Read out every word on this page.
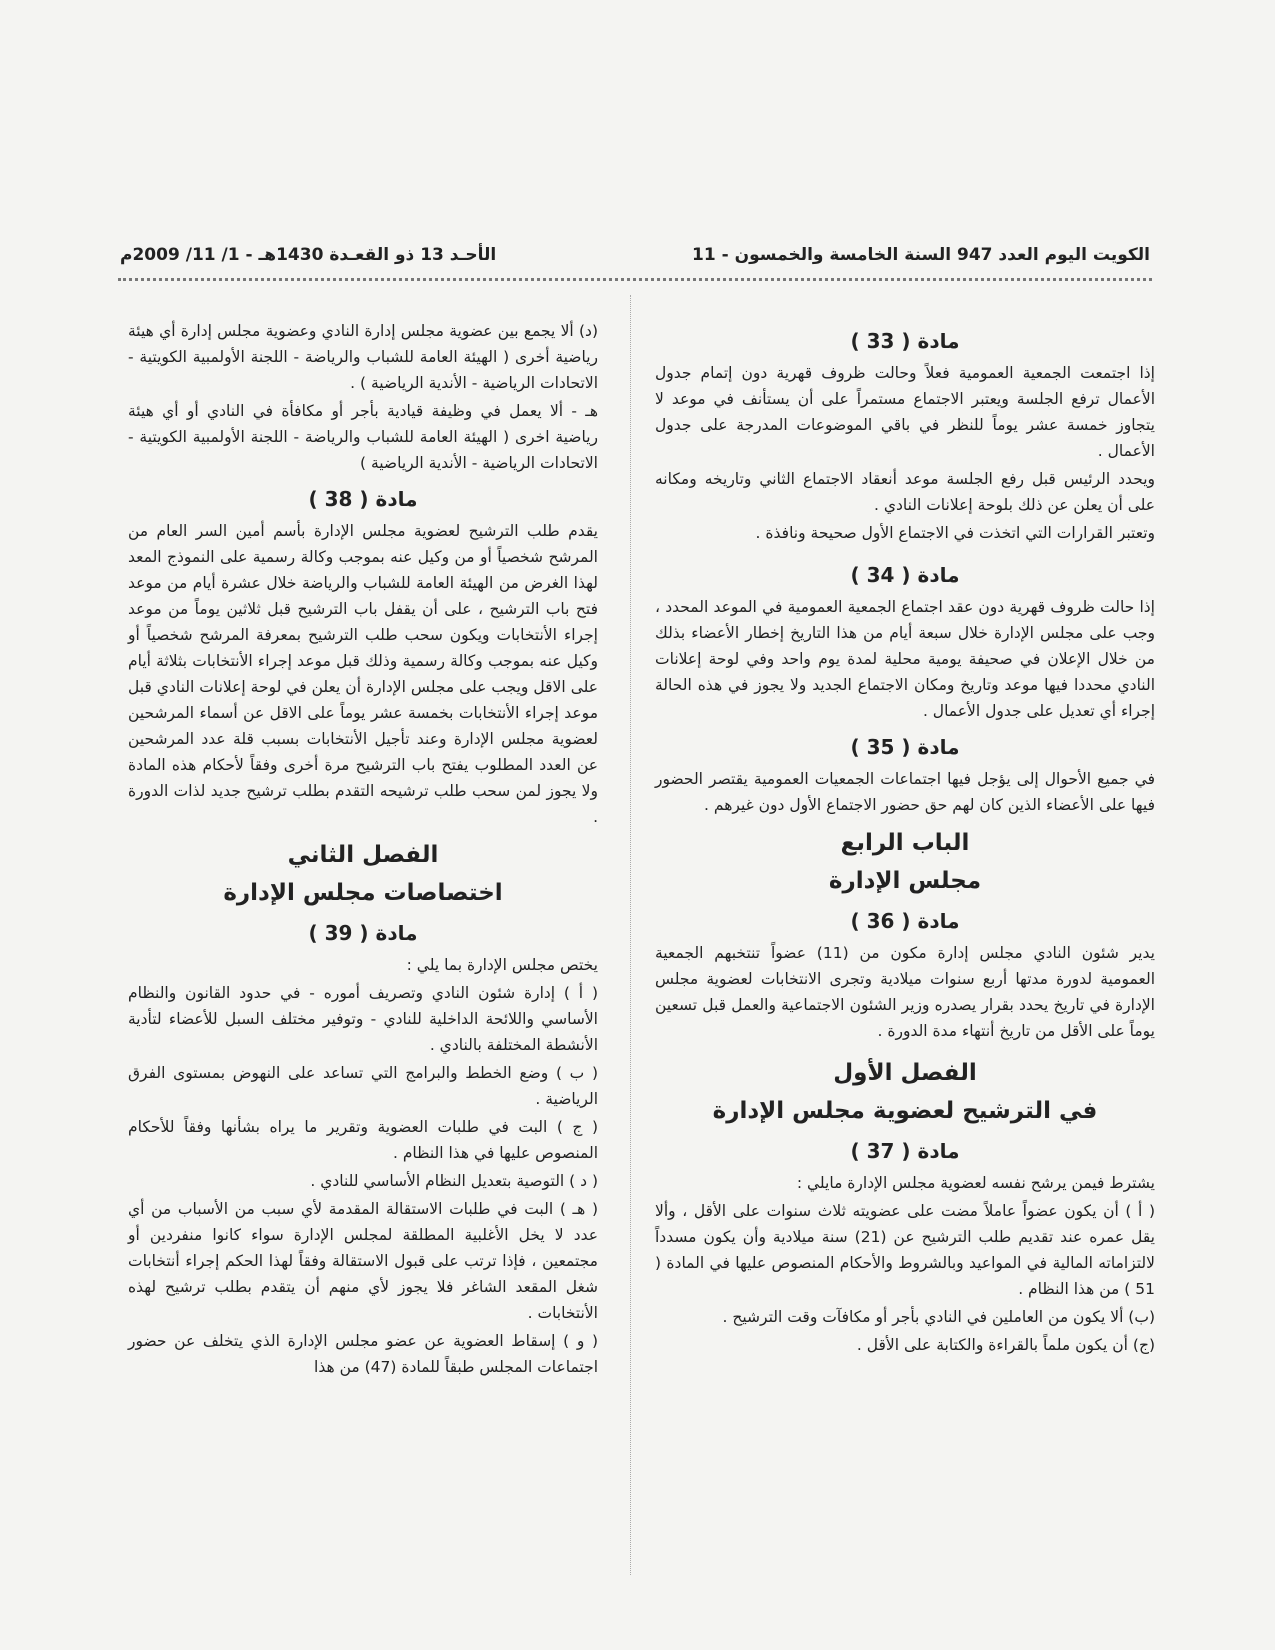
الكويت اليوم العدد 947 السنة الخامسة والخمسون - 11
الأحـد 13 ذو القعـدة 1430هـ - 1/ 11/ 2009م
مادة ( 33 )

إذا اجتمعت الجمعية العمومية فعلاً وحالت ظروف قهرية دون إتمام جدول الأعمال ترفع الجلسة ويعتبر الاجتماع مستمراً على أن يستأنف في موعد لا يتجاوز خمسة عشر يوماً للنظر في باقي الموضوعات المدرجة على جدول الأعمال .

ويحدد الرئيس قبل رفع الجلسة موعد أنعقاد الاجتماع الثاني وتاريخه ومكانه على أن يعلن عن ذلك بلوحة إعلانات النادي .

وتعتبر القرارات التي اتخذت في الاجتماع الأول صحيحة ونافذة .

مادة ( 34 )

إذا حالت ظروف قهرية دون عقد اجتماع الجمعية العمومية في الموعد المحدد ، وجب على مجلس الإدارة خلال سبعة أيام من هذا التاريخ إخطار الأعضاء بذلك من خلال الإعلان في صحيفة يومية محلية لمدة يوم واحد وفي لوحة إعلانات النادي محددا فيها موعد وتاريخ ومكان الاجتماع الجديد ولا يجوز في هذه الحالة إجراء أي تعديل على جدول الأعمال .

مادة ( 35 )

في جميع الأحوال إلى يؤجل فيها اجتماعات الجمعيات العمومية يقتصر الحضور فيها على الأعضاء الذين كان لهم حق حضور الاجتماع الأول دون غيرهم .

الباب الرابع
مجلس الإدارة
مادة ( 36 )

يدير شئون النادي مجلس إدارة مكون من (11) عضواً تنتخبهم الجمعية العمومية لدورة مدتها أربع سنوات ميلادية وتجرى الانتخابات لعضوية مجلس الإدارة في تاريخ يحدد بقرار يصدره وزير الشئون الاجتماعية والعمل قبل تسعين يوماً على الأقل من تاريخ أنتهاء مدة الدورة .

الفصل الأول
في الترشيح لعضوية مجلس الإدارة
مادة ( 37 )

يشترط فيمن يرشح نفسه لعضوية مجلس الإدارة مايلي :

( أ ) أن يكون عضواً عاملاً مضت على عضويته ثلاث سنوات على الأقل ، وألا يقل عمره عند تقديم طلب الترشيح عن (21) سنة ميلادية وأن يكون مسدداً لالتزاماته المالية في المواعيد وبالشروط والأحكام المنصوص عليها في المادة ( 51 ) من هذا النظام .

(ب) ألا يكون من العاملين في النادي بأجر أو مكافآت وقت الترشيح .

(ج) أن يكون ملماً بالقراءة والكتابة على الأقل .

(د) ألا يجمع بين عضوية مجلس إدارة النادي وعضوية مجلس إدارة أي هيئة رياضية أخرى ( الهيئة العامة للشباب والرياضة - اللجنة الأولمبية الكويتية - الاتحادات الرياضية - الأندية الرياضية ) .

هـ - ألا يعمل في وظيفة قيادية بأجر أو مكافأة في النادي أو أي هيئة رياضية اخرى ( الهيئة العامة للشباب والرياضة - اللجنة الأولمبية الكويتية - الاتحادات الرياضية - الأندية الرياضية )

مادة ( 38 )

يقدم طلب الترشيح لعضوية مجلس الإدارة بأسم أمين السر العام من المرشح شخصياً أو من وكيل عنه بموجب وكالة رسمية على النموذج المعد لهذا الغرض من الهيئة العامة للشباب والرياضة خلال عشرة أيام من موعد فتح باب الترشيح ، على أن يقفل باب الترشيح قبل ثلاثين يوماً من موعد إجراء الأنتخابات ويكون سحب طلب الترشيح بمعرفة المرشح شخصياً أو وكيل عنه بموجب وكالة رسمية وذلك قبل موعد إجراء الأنتخابات بثلاثة أيام على الاقل ويجب على مجلس الإدارة أن يعلن في لوحة إعلانات النادي قبل موعد إجراء الأنتخابات بخمسة عشر يوماً على الاقل عن أسماء المرشحين لعضوية مجلس الإدارة وعند تأجيل الأنتخابات بسبب قلة عدد المرشحين عن العدد المطلوب يفتح باب الترشيح مرة أخرى وفقاً لأحكام هذه المادة ولا يجوز لمن سحب طلب ترشيحه التقدم بطلب ترشيح جديد لذات الدورة .

الفصل الثاني
اختصاصات مجلس الإدارة
مادة ( 39 )

يختص مجلس الإدارة بما يلي :

( أ ) إدارة شئون النادي وتصريف أموره - في حدود القانون والنظام الأساسي واللائحة الداخلية للنادي - وتوفير مختلف السبل للأعضاء لتأدية الأنشطة المختلفة بالنادي .

( ب ) وضع الخطط والبرامج التي تساعد على النهوض بمستوى الفرق الرياضية .

( ج ) البت في طلبات العضوية وتقرير ما يراه بشأنها وفقاً للأحكام المنصوص عليها في هذا النظام .

( د ) التوصية بتعديل النظام الأساسي للنادي .

( هـ ) البت في طلبات الاستقالة المقدمة لأي سبب من الأسباب من أي عدد لا يخل الأغلبية المطلقة لمجلس الإدارة سواء كانوا منفردين أو مجتمعين ، فإذا ترتب على قبول الاستقالة وفقاً لهذا الحكم إجراء أنتخابات شغل المقعد الشاغر فلا يجوز لأي منهم أن يتقدم بطلب ترشيح لهذه الأنتخابات .

( و ) إسقاط العضوية عن عضو مجلس الإدارة الذي يتخلف عن حضور اجتماعات المجلس طبقاً للمادة (47) من هذا
